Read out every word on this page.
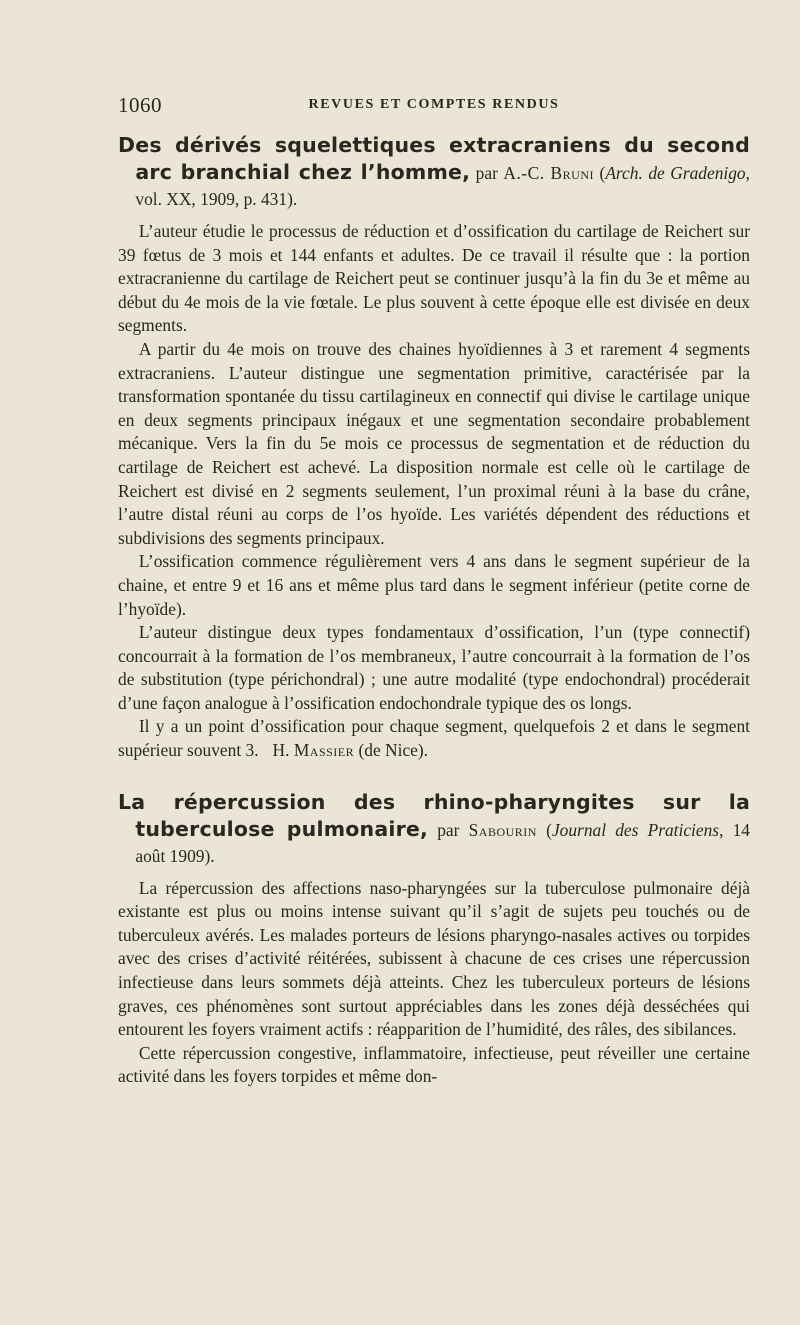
1060	REVUES ET COMPTES RENDUS

Des dérivés squelettiques extracraniens du second arc branchial chez l’homme, par A.-C. Bruni (Arch. de Gradenigo, vol. XX, 1909, p. 431).

L’auteur étudie le processus de réduction et d’ossification du cartilage de Reichert sur 39 fœtus de 3 mois et 144 enfants et adultes. De ce travail il résulte que : la portion extracranienne du cartilage de Reichert peut se continuer jusqu’à la fin du 3e et même au début du 4e mois de la vie fœtale. Le plus souvent à cette époque elle est divisée en deux segments.

A partir du 4e mois on trouve des chaines hyoïdiennes à 3 et rarement 4 segments extracraniens. L’auteur distingue une segmentation primitive, caractérisée par la transformation spontanée du tissu cartilagineux en connectif qui divise le cartilage unique en deux segments principaux inégaux et une segmentation secondaire probablement mécanique. Vers la fin du 5e mois ce processus de segmentation et de réduction du cartilage de Reichert est achevé. La disposition normale est celle où le cartilage de Reichert est divisé en 2 segments seulement, l’un proximal réuni à la base du crâne, l’autre distal réuni au corps de l’os hyoïde. Les variétés dépendent des réductions et subdivisions des segments principaux.

L’ossification commence régulièrement vers 4 ans dans le segment supérieur de la chaine, et entre 9 et 16 ans et même plus tard dans le segment inférieur (petite corne de l’hyoïde).

L’auteur distingue deux types fondamentaux d’ossification, l’un (type connectif) concourrait à la formation de l’os membraneux, l’autre concourrait à la formation de l’os de substitution (type périchondral) ; une autre modalité (type endochondral) procéderait d’une façon analogue à l’ossification endochondrale typique des os longs.

Il y a un point d’ossification pour chaque segment, quelquefois 2 et dans le segment supérieur souvent 3. H. Massier (de Nice).

La répercussion des rhino-pharyngites sur la tuberculose pulmonaire, par Sabourin (Journal des Praticiens, 14 août 1909).

La répercussion des affections naso-pharyngées sur la tuberculose pulmonaire déjà existante est plus ou moins intense suivant qu’il s’agit de sujets peu touchés ou de tuberculeux avérés. Les malades porteurs de lésions pharyngo-nasales actives ou torpides avec des crises d’activité réitérées, subissent à chacune de ces crises une répercussion infectieuse dans leurs sommets déjà atteints. Chez les tuberculeux porteurs de lésions graves, ces phénomènes sont surtout appréciables dans les zones déjà desséchées qui entourent les foyers vraiment actifs : réapparition de l’humidité, des râles, des sibilances.

Cette répercussion congestive, inflammatoire, infectieuse, peut réveiller une certaine activité dans les foyers torpides et même don-
